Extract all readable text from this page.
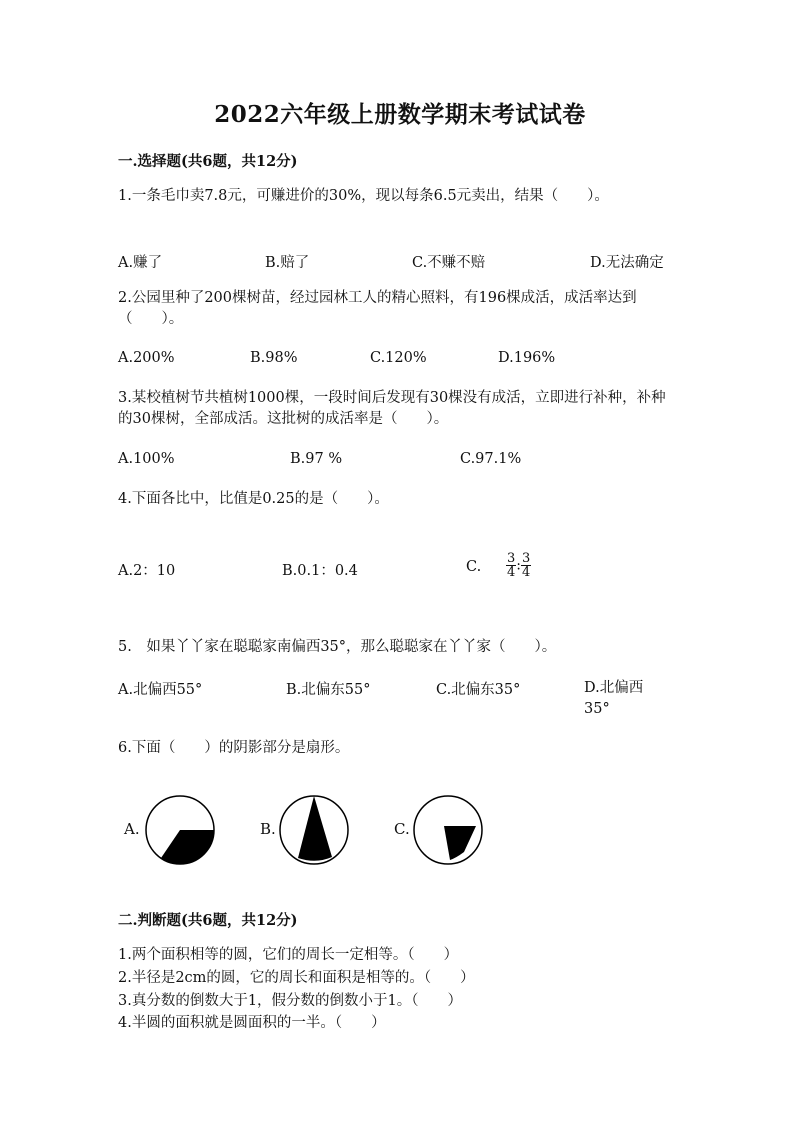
2022六年级上册数学期末考试试卷
一.选择题(共6题，共12分)
1.一条毛巾卖7.8元，可赚进价的30%，现以每条6.5元卖出，结果（　　）。
A.赚了	B.赔了	C.不赚不赔	D.无法确定
2.公园里种了200棵树苗，经过园林工人的精心照料，有196棵成活，成活率达到（　　）。
A.200%	B.98%	C.120%	D.196%
3.某校植树节共植树1000棵，一段时间后发现有30棵没有成活，立即进行补种，补种的30棵树，全部成活。这批树的成活率是（　　）。
A.100%	B.97 %	C.97.1%
4.下面各比中，比值是0.25的是（　　）。
A.2：10	B.0.1：0.4	C. $\frac{3}{4}$ : $\frac{3}{4}$
5.　如果丫丫家在聪聪家南偏西35°，那么聪聪家在丫丫家（　　）。
A.北偏西55°	B.北偏东55°	C.北偏东35°	D.北偏西35°
6.下面（　　）的阴影部分是扇形。
A.	B.	C.
二.判断题(共6题，共12分)
1.两个面积相等的圆，它们的周长一定相等。（　　）
2.半径是2cm的圆，它的周长和面积是相等的。（　　）
3.真分数的倒数大于1，假分数的倒数小于1。（　　）
4.半圆的面积就是圆面积的一半。（　　）
